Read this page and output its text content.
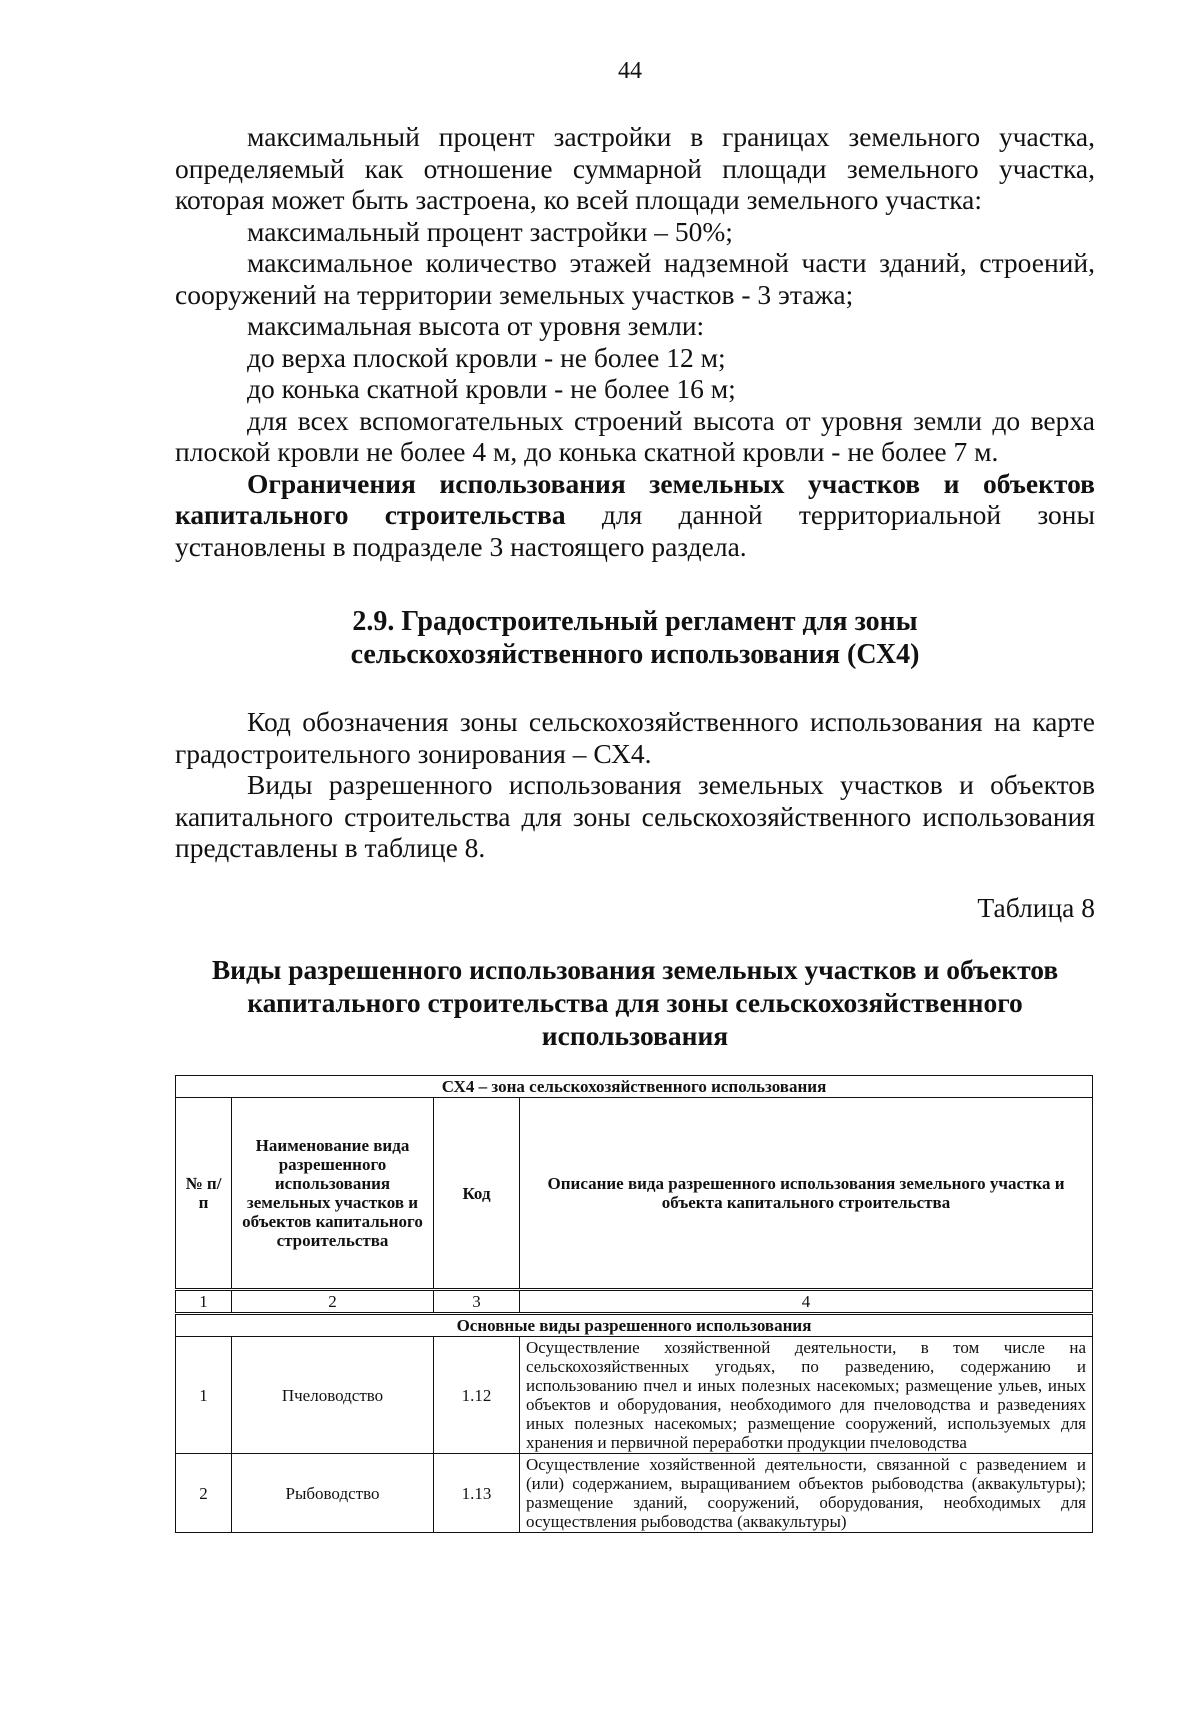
44

максимальный процент застройки в границах земельного участка, определяемый как отношение суммарной площади земельного участка, которая может быть застроена, ко всей площади земельного участка:

максимальный процент застройки – 50%;

максимальное количество этажей надземной части зданий, строений, сооружений на территории земельных участков - 3 этажа;

максимальная высота от уровня земли:

до верха плоской кровли - не более 12 м;

до конька скатной кровли - не более 16 м;

для всех вспомогательных строений высота от уровня земли до верха плоской кровли не более 4 м, до конька скатной кровли - не более 7 м.

Ограничения использования земельных участков и объектов капитального строительства для данной территориальной зоны установлены в подразделе 3 настоящего раздела.

2.9. Градостроительный регламент для зоны
сельскохозяйственного использования (СХ4)

Код обозначения зоны сельскохозяйственного использования на карте градостроительного зонирования – СХ4.

Виды разрешенного использования земельных участков и объектов капитального строительства для зоны сельскохозяйственного использования представлены в таблице 8.

Таблица 8
Виды разрешенного использования земельных участков и объектов
капитального строительства для зоны сельскохозяйственного
использования
СХ4 – зона сельскохозяйственного использования			
№ п/п	Наименование вида разрешенного использования земельных участков и объектов капитального строительства	Код	Описание вида разрешенного использования земельного участка и объекта капитального строительства
1	2	3	4
Основные виды разрешенного использования			
1	Пчеловодство	1.12	Осуществление хозяйственной деятельности, в том числе на сельскохозяйственных угодьях, по разведению, содержанию и использованию пчел и иных полезных насекомых; размещение ульев, иных объектов и оборудования, необходимого для пчеловодства и разведениях иных полезных насекомых; размещение сооружений, используемых для хранения и первичной переработки продукции пчеловодства
2	Рыбоводство	1.13	Осуществление хозяйственной деятельности, связанной с разведением и (или) содержанием, выращиванием объектов рыбоводства (аквакультуры); размещение зданий, сооружений, оборудования, необходимых для осуществления рыбоводства (аквакультуры)
